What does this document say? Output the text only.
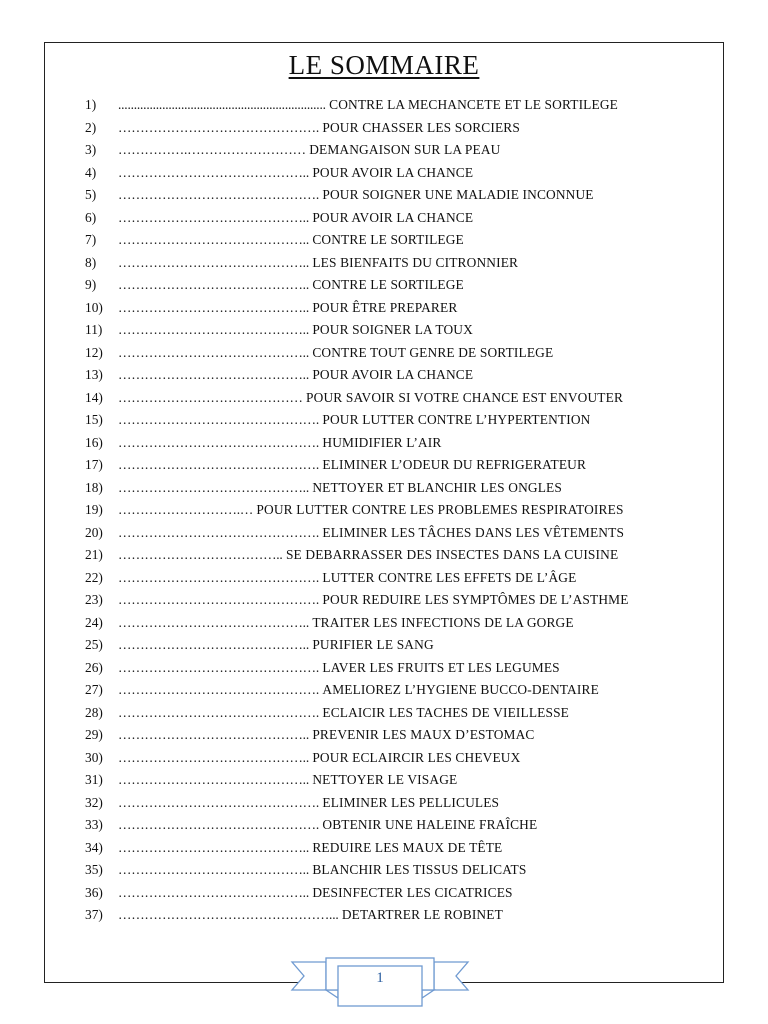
LE SOMMAIRE
1) .................................................................. CONTRE LA MECHANCETE ET LE SORTILEGE
2) ………………………………………. POUR CHASSER LES SORCIERS
3) …………….……………………… DEMANGAISON SUR LA PEAU
4) …………………………………….. POUR AVOIR LA CHANCE
5) ………………………………………. POUR SOIGNER UNE MALADIE INCONNUE
6) …………………………………….. POUR AVOIR LA CHANCE
7) …………………………………….. CONTRE LE SORTILEGE
8) …………………………………….. LES BIENFAITS DU CITRONNIER
9) …………………………………….. CONTRE LE SORTILEGE
10) …………………………………….. POUR ÊTRE PREPARER
11) …………………………………….. POUR SOIGNER LA TOUX
12) …………………………………….. CONTRE TOUT GENRE DE SORTILEGE
13) …………………………………….. POUR AVOIR LA CHANCE
14) …………………………………… POUR SAVOIR SI VOTRE CHANCE EST ENVOUTER
15) ………………………………………. POUR LUTTER CONTRE L’HYPERTENTION
16) ………………………………………. HUMIDIFIER L’AIR
17) ………………………………………. ELIMINER L’ODEUR DU REFRIGERATEUR
18) …………………………………….. NETTOYER ET BLANCHIR LES ONGLES
19) ……………………….… POUR LUTTER CONTRE LES PROBLEMES RESPIRATOIRES
20) ………………………………………. ELIMINER LES TÂCHES DANS LES VÊTEMENTS
21) ……………………………….. SE DEBARRASSER DES INSECTES DANS LA CUISINE
22) ………………………………………. LUTTER CONTRE LES EFFETS DE L’ÂGE
23) ………………………………………. POUR REDUIRE LES SYMPTÔMES DE L’ASTHME
24) …………………………………….. TRAITER LES INFECTIONS DE LA GORGE
25) …………………………………….. PURIFIER LE SANG
26) ………………………………………. LAVER LES FRUITS ET LES LEGUMES
27) ………………………………………. AMELIOREZ L’HYGIENE BUCCO-DENTAIRE
28) ………………………………………. ECLAICIR LES TACHES DE VIEILLESSE
29) …………………………………….. PREVENIR LES MAUX D’ESTOMAC
30) …………………………………….. POUR ECLAIRCIR LES CHEVEUX
31) …………………………………….. NETTOYER LE VISAGE
32) ………………………………………. ELIMINER LES PELLICULES
33) ………………………………………. OBTENIR UNE HALEINE FRAÎCHE
34) …………………………………….. REDUIRE LES MAUX DE TÊTE
35) …………………………………….. BLANCHIR LES TISSUS DELICATS
36) …………………………………….. DESINFECTER LES CICATRICES
37) …………………………………………... DETARTRER LE ROBINET
1
